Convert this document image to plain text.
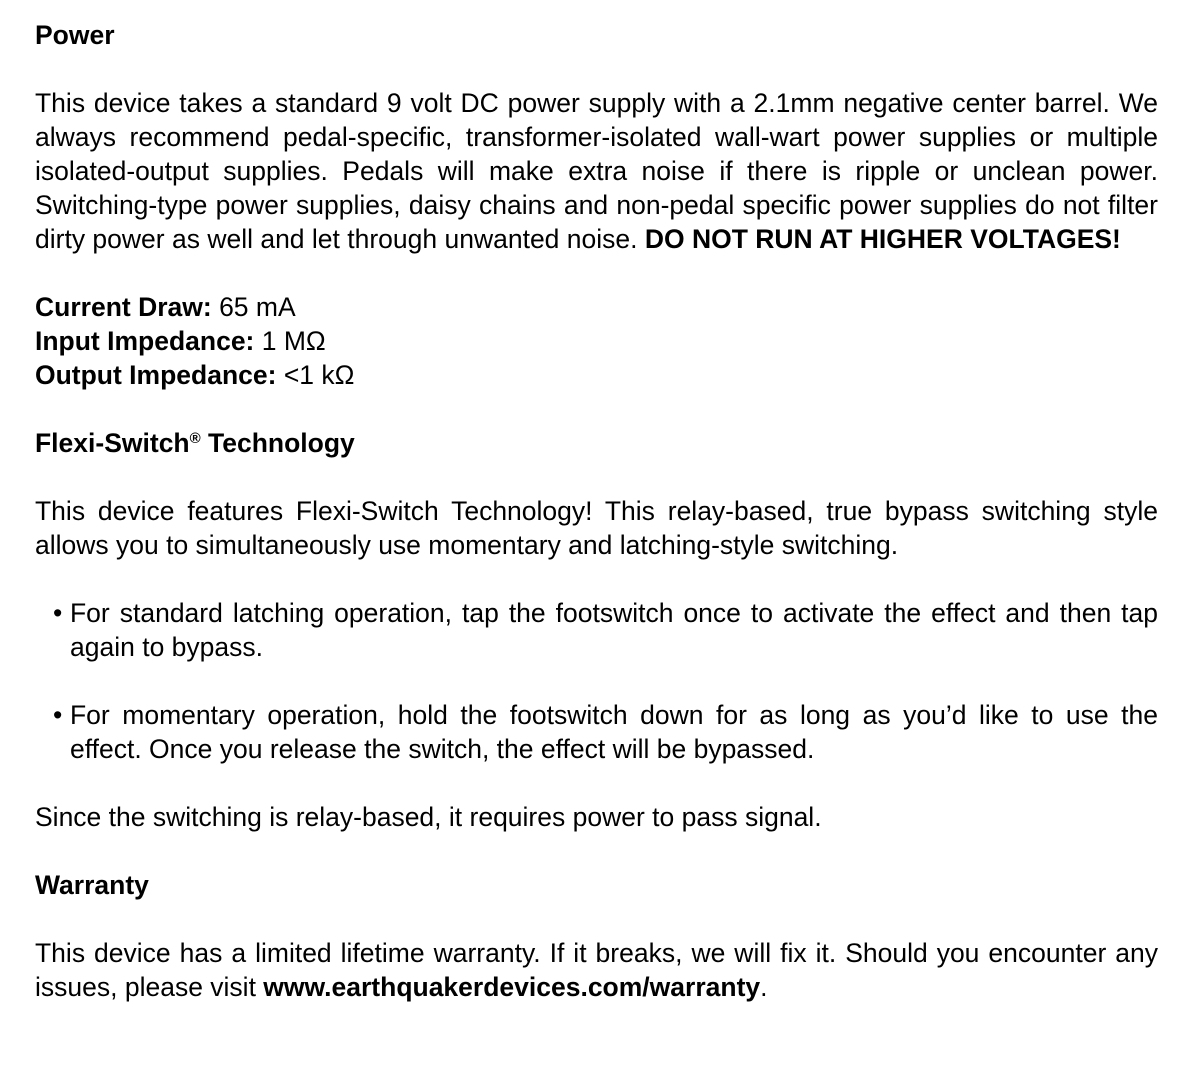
Power

This device takes a standard 9 volt DC power supply with a 2.1mm negative center barrel. We always recommend pedal-specific, transformer-isolated wall-wart power supplies or multiple isolated-output supplies. Pedals will make extra noise if there is ripple or unclean power. Switching-type power supplies, daisy chains and non-pedal specific power supplies do not filter dirty power as well and let through unwanted noise. DO NOT RUN AT HIGHER VOLTAGES!

Current Draw: 65 mA

Input Impedance: 1 MΩ

Output Impedance: <1 kΩ

Flexi-Switch® Technology

This device features Flexi-Switch Technology! This relay-based, true bypass switching style allows you to simultaneously use momentary and latching-style switching.

• For standard latching operation, tap the footswitch once to activate the effect and then tap again to bypass.
• For momentary operation, hold the footswitch down for as long as you’d like to use the effect. Once you release the switch, the effect will be bypassed.

Since the switching is relay-based, it requires power to pass signal.

Warranty

This device has a limited lifetime warranty. If it breaks, we will fix it. Should you encounter any issues, please visit www.earthquakerdevices.com/warranty.
